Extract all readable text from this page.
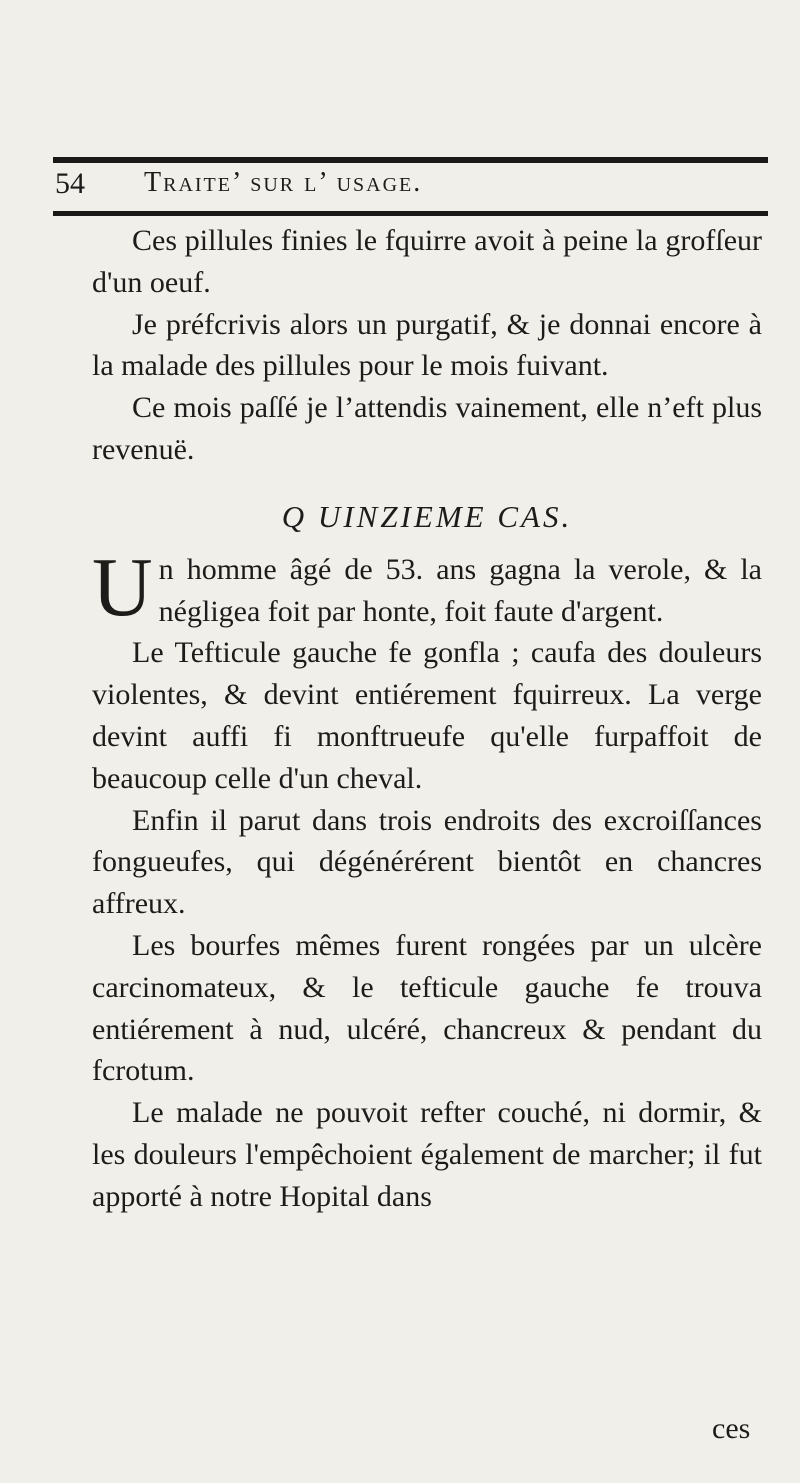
54 Traite’ sur l’ usage.

Ces pillules finies le fquirre avoit à peine la grofſeur d'un oeuf.

Je préfcrivis alors un purgatif, & je donnai encore à la malade des pillules pour le mois fuivant.

Ce mois paſſé je l’attendis vainement, elle n’eft plus revenuë.

Q UINZIEME CAS.

U n homme âgé de 53. ans gagna la verole, & la négligea foit par honte, foit faute d'argent.

Le Tefticule gauche fe gonfla ; caufa des douleurs violentes, & devint entiérement fquirreux. La verge devint auffi fi monftrueufe qu'elle furpaffoit de beaucoup celle d'un cheval.

Enfin il parut dans trois endroits des excroiſſances fongueufes, qui dégénérérent bientôt en chancres affreux.

Les bourfes mêmes furent rongées par un ulcère carcinomateux, & le tefticule gauche fe trouva entiérement à nud, ulcéré, chancreux & pendant du fcrotum.

Le malade ne pouvoit refter couché, ni dormir, & les douleurs l'empêchoient également de marcher; il fut apporté à notre Hopital dans

ces
